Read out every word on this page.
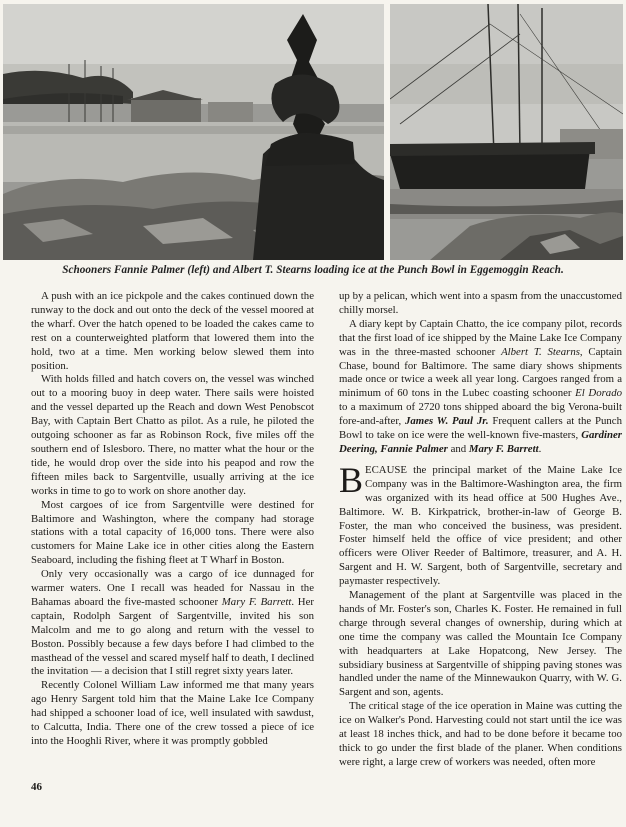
Schooners Fannie Palmer (left) and Albert T. Stearns loading ice at the Punch Bowl in Eggemoggin Reach.

A push with an ice pickpole and the cakes continued down the runway to the dock and out onto the deck of the vessel moored at the wharf. Over the hatch opened to be loaded the cakes came to rest on a counterweighted platform that lowered them into the hold, two at a time. Men working below slewed them into position.

With holds filled and hatch covers on, the vessel was winched out to a mooring buoy in deep water. There sails were hoisted and the vessel departed up the Reach and down West Penobscot Bay, with Captain Bert Chatto as pilot. As a rule, he piloted the outgoing schooner as far as Robinson Rock, five miles off the southern end of Islesboro. There, no matter what the hour or the tide, he would drop over the side into his peapod and row the fifteen miles back to Sargentville, usually arriving at the ice works in time to go to work on shore another day.

Most cargoes of ice from Sargentville were destined for Baltimore and Washington, where the company had storage stations with a total capacity of 16,000 tons. There were also customers for Maine Lake ice in other cities along the Eastern Seaboard, including the fishing fleet at T Wharf in Boston.

Only very occasionally was a cargo of ice dunnaged for warmer waters. One I recall was headed for Nassau in the Bahamas aboard the five-masted schooner Mary F. Barrett. Her captain, Rodolph Sargent of Sargentville, invited his son Malcolm and me to go along and return with the vessel to Boston. Possibly because a few days before I had climbed to the masthead of the vessel and scared myself half to death, I declined the invitation — a decision that I still regret sixty years later.

Recently Colonel William Law informed me that many years ago Henry Sargent told him that the Maine Lake Ice Company had shipped a schooner load of ice, well insulated with sawdust, to Calcutta, India. There one of the crew tossed a piece of ice into the Hooghli River, where it was promptly gobbled

up by a pelican, which went into a spasm from the unaccustomed chilly morsel.

A diary kept by Captain Chatto, the ice company pilot, records that the first load of ice shipped by the Maine Lake Ice Company was in the three-masted schooner Albert T. Stearns, Captain Chase, bound for Baltimore. The same diary shows shipments made once or twice a week all year long. Cargoes ranged from a minimum of 60 tons in the Lubec coasting schooner El Dorado to a maximum of 2720 tons shipped aboard the big Verona-built fore-and-after, James W. Paul Jr. Frequent callers at the Punch Bowl to take on ice were the well-known five-masters, Gardiner Deering, Fannie Palmer and Mary F. Barrett.

BECAUSE the principal market of the Maine Lake Ice Company was in the Baltimore-Washington area, the firm was organized with its head office at 500 Hughes Ave., Baltimore. W. B. Kirkpatrick, brother-in-law of George B. Foster, the man who conceived the business, was president. Foster himself held the office of vice president; and other officers were Oliver Reeder of Baltimore, treasurer, and A. H. Sargent and H. W. Sargent, both of Sargentville, secretary and paymaster respectively.

Management of the plant at Sargentville was placed in the hands of Mr. Foster's son, Charles K. Foster. He remained in full charge through several changes of ownership, during which at one time the company was called the Mountain Ice Company with headquarters at Lake Hopatcong, New Jersey. The subsidiary business at Sargentville of shipping paving stones was handled under the name of the Minnewaukon Quarry, with W. G. Sargent and son, agents.

The critical stage of the ice operation in Maine was cutting the ice on Walker's Pond. Harvesting could not start until the ice was at least 18 inches thick, and had to be done before it became too thick to go under the first blade of the planer. When conditions were right, a large crew of workers was needed, often more

46
